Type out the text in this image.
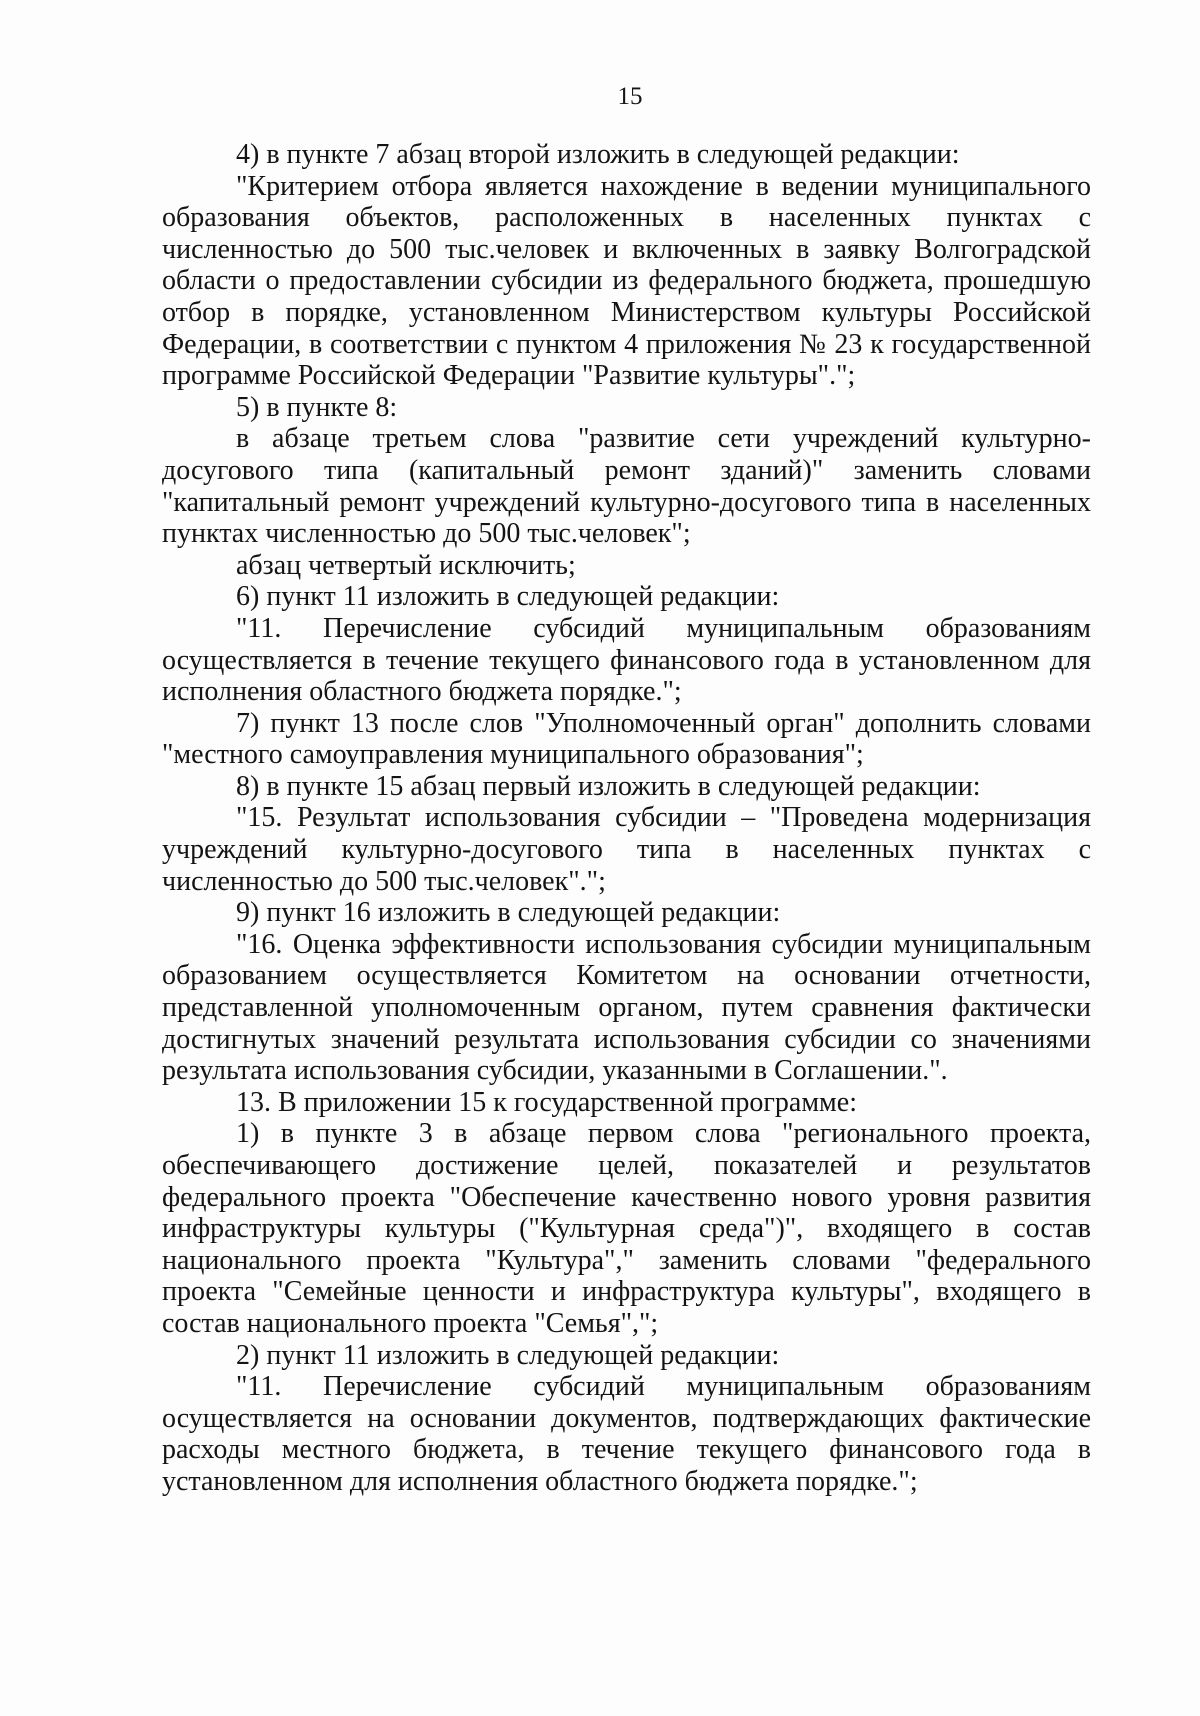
15

4) в пункте 7 абзац второй изложить в следующей редакции:

"Критерием отбора является нахождение в ведении муниципального образования объектов, расположенных в населенных пунктах с численностью до 500 тыс.человек и включенных в заявку Волгоградской области о предоставлении субсидии из федерального бюджета, прошедшую отбор в порядке, установленном Министерством культуры Российской Федерации, в соответствии с пунктом 4 приложения № 23 к государственной программе Российской Федерации "Развитие культуры".";

5) в пункте 8:

в абзаце третьем слова "развитие сети учреждений культурно-досугового типа (капитальный ремонт зданий)" заменить словами "капитальный ремонт учреждений культурно-досугового типа в населенных пунктах численностью до 500 тыс.человек";

абзац четвертый исключить;

6) пункт 11 изложить в следующей редакции:

"11. Перечисление субсидий муниципальным образованиям осуществляется в течение текущего финансового года в установленном для исполнения областного бюджета порядке.";

7) пункт 13 после слов "Уполномоченный орган" дополнить словами "местного самоуправления муниципального образования";

8) в пункте 15 абзац первый изложить в следующей редакции:

"15. Результат использования субсидии – "Проведена модернизация учреждений культурно-досугового типа в населенных пунктах с численностью до 500 тыс.человек".";

9) пункт 16 изложить в следующей редакции:

"16. Оценка эффективности использования субсидии муниципальным образованием осуществляется Комитетом на основании отчетности, представленной уполномоченным органом, путем сравнения фактически достигнутых значений результата использования субсидии со значениями результата использования субсидии, указанными в Соглашении.".

13. В приложении 15 к государственной программе:

1) в пункте 3 в абзаце первом слова "регионального проекта, обеспечивающего достижение целей, показателей и результатов федерального проекта "Обеспечение качественно нового уровня развития инфраструктуры культуры ("Культурная среда")", входящего в состав национального проекта "Культура"," заменить словами "федерального проекта "Семейные ценности и инфраструктура культуры", входящего в состав национального проекта "Семья",";

2) пункт 11 изложить в следующей редакции:

"11. Перечисление субсидий муниципальным образованиям осуществляется на основании документов, подтверждающих фактические расходы местного бюджета, в течение текущего финансового года в установленном для исполнения областного бюджета порядке.";
